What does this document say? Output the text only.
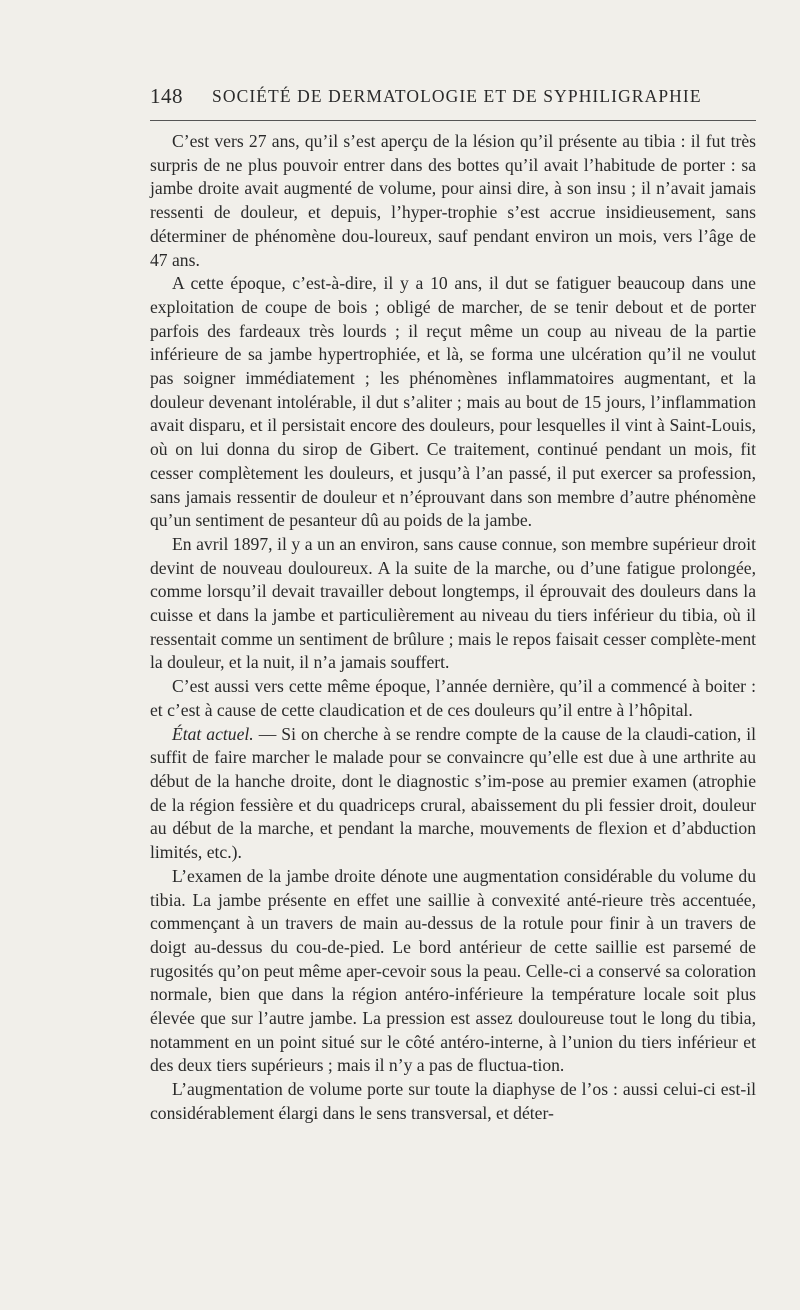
148 SOCIÉTÉ DE DERMATOLOGIE ET DE SYPHILIGRAPHIE

C’est vers 27 ans, qu’il s’est aperçu de la lésion qu’il présente au tibia : il fut très surpris de ne plus pouvoir entrer dans des bottes qu’il avait l’habitude de porter : sa jambe droite avait augmenté de volume, pour ainsi dire, à son insu ; il n’avait jamais ressenti de douleur, et depuis, l’hyper-trophie s’est accrue insidieusement, sans déterminer de phénomène dou-loureux, sauf pendant environ un mois, vers l’âge de 47 ans.

A cette époque, c’est-à-dire, il y a 10 ans, il dut se fatiguer beaucoup dans une exploitation de coupe de bois ; obligé de marcher, de se tenir debout et de porter parfois des fardeaux très lourds ; il reçut même un coup au niveau de la partie inférieure de sa jambe hypertrophiée, et là, se forma une ulcération qu’il ne voulut pas soigner immédiatement ; les phénomènes inflammatoires augmentant, et la douleur devenant intolérable, il dut s’aliter ; mais au bout de 15 jours, l’inflammation avait disparu, et il persistait encore des douleurs, pour lesquelles il vint à Saint-Louis, où on lui donna du sirop de Gibert. Ce traitement, continué pendant un mois, fit cesser complètement les douleurs, et jusqu’à l’an passé, il put exercer sa profession, sans jamais ressentir de douleur et n’éprouvant dans son membre d’autre phénomène qu’un sentiment de pesanteur dû au poids de la jambe.

En avril 1897, il y a un an environ, sans cause connue, son membre supérieur droit devint de nouveau douloureux. A la suite de la marche, ou d’une fatigue prolongée, comme lorsqu’il devait travailler debout longtemps, il éprouvait des douleurs dans la cuisse et dans la jambe et particulièrement au niveau du tiers inférieur du tibia, où il ressentait comme un sentiment de brûlure ; mais le repos faisait cesser complète-ment la douleur, et la nuit, il n’a jamais souffert.

C’est aussi vers cette même époque, l’année dernière, qu’il a commencé à boiter : et c’est à cause de cette claudication et de ces douleurs qu’il entre à l’hôpital.

État actuel. — Si on cherche à se rendre compte de la cause de la claudi-cation, il suffit de faire marcher le malade pour se convaincre qu’elle est due à une arthrite au début de la hanche droite, dont le diagnostic s’im-pose au premier examen (atrophie de la région fessière et du quadriceps crural, abaissement du pli fessier droit, douleur au début de la marche, et pendant la marche, mouvements de flexion et d’abduction limités, etc.).

L’examen de la jambe droite dénote une augmentation considérable du volume du tibia. La jambe présente en effet une saillie à convexité anté-rieure très accentuée, commençant à un travers de main au-dessus de la rotule pour finir à un travers de doigt au-dessus du cou-de-pied. Le bord antérieur de cette saillie est parsemé de rugosités qu’on peut même aper-cevoir sous la peau. Celle-ci a conservé sa coloration normale, bien que dans la région antéro-inférieure la température locale soit plus élevée que sur l’autre jambe. La pression est assez douloureuse tout le long du tibia, notamment en un point situé sur le côté antéro-interne, à l’union du tiers inférieur et des deux tiers supérieurs ; mais il n’y a pas de fluctua-tion.

L’augmentation de volume porte sur toute la diaphyse de l’os : aussi celui-ci est-il considérablement élargi dans le sens transversal, et déter-
